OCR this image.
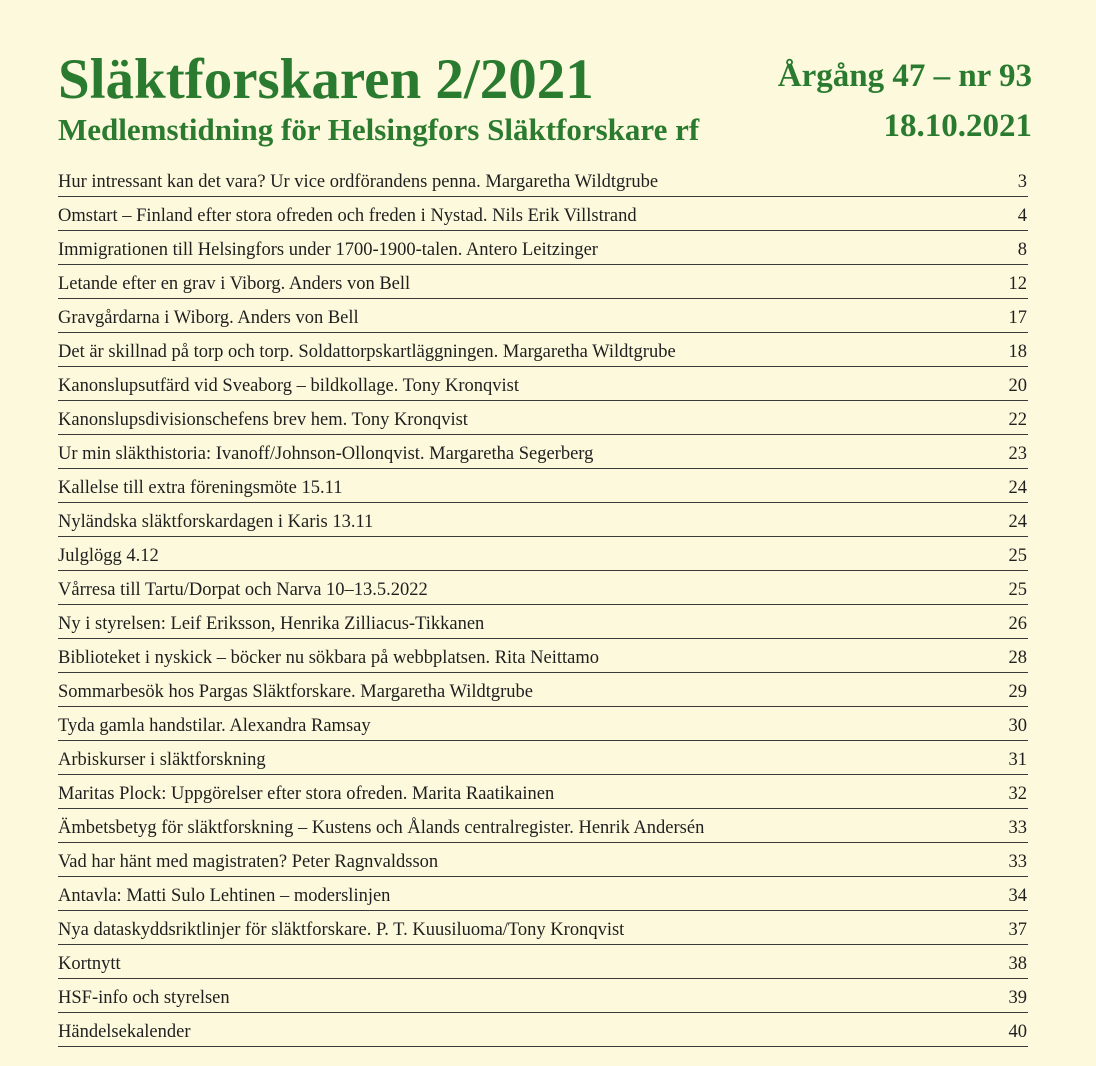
Släktforskaren 2/2021
Medlemstidning för Helsingfors Släktforskare rf
Årgång 47 – nr 93
18.10.2021
Hur intressant kan det vara? Ur vice ordförandens penna. Margaretha Wildtgrube	3
Omstart – Finland efter stora ofreden och freden i Nystad. Nils Erik Villstrand	4
Immigrationen till Helsingfors under 1700-1900-talen. Antero Leitzinger	8
Letande efter en grav i Viborg. Anders von Bell	12
Gravgårdarna i Wiborg. Anders von Bell	17
Det är skillnad på torp och torp. Soldattorpskartläggningen. Margaretha Wildtgrube	18
Kanonslupsutfärd vid Sveaborg – bildkollage. Tony Kronqvist	20
Kanonslupsdivisionschefens brev hem. Tony Kronqvist	22
Ur min släkthistoria: Ivanoff/Johnson-Ollonqvist. Margaretha Segerberg	23
Kallelse till extra föreningsmöte 15.11	24
Nyländska släktforskardagen i Karis 13.11	24
Julglögg 4.12	25
Vårresa till Tartu/Dorpat och Narva 10–13.5.2022	25
Ny i styrelsen: Leif Eriksson, Henrika Zilliacus-Tikkanen	26
Biblioteket i nyskick – böcker nu sökbara på webbplatsen. Rita Neittamo	28
Sommarbesök hos Pargas Släktforskare. Margaretha Wildtgrube	29
Tyda gamla handstilar. Alexandra Ramsay	30
Arbiskurser i släktforskning	31
Maritas Plock: Uppgörelser efter stora ofreden. Marita Raatikainen	32
Ämbetsbetyg för släktforskning – Kustens och Ålands centralregister. Henrik Andersén	33
Vad har hänt med magistraten? Peter Ragnvaldsson	33
Antavla: Matti Sulo Lehtinen – moderslinjen	34
Nya dataskyddsriktlinjer för släktforskare. P. T. Kuusiluoma/Tony Kronqvist	37
Kortnytt	38
HSF-info och styrelsen	39
Händelsekalender	40
